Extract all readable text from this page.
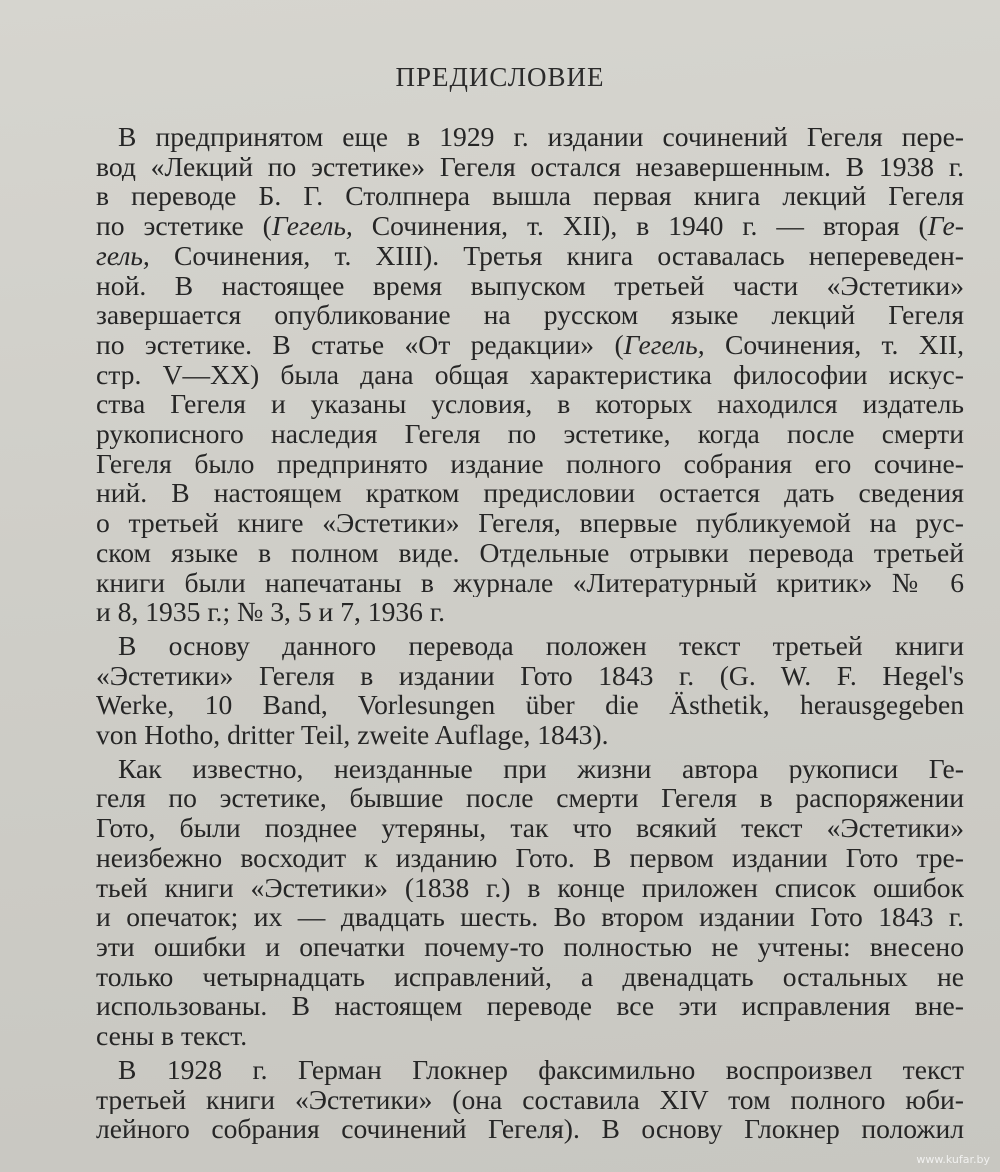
ПРЕДИСЛОВИЕ

В предпринятом еще в 1929 г. издании сочинений Гегеля пере-
вод «Лекций по эстетике» Гегеля остался незавершенным. В 1938 г.
в переводе Б. Г. Столпнера вышла первая книга лекций Гегеля
по эстетике (Гегель, Сочинения, т. XII), в 1940 г. — вторая (Ге-
гель, Сочинения, т. XIII). Третья книга оставалась непереведен-
ной. В настоящее время выпуском третьей части «Эстетики»
завершается опубликование на русском языке лекций Гегеля
по эстетике. В статье «От редакции» (Гегель, Сочинения, т. XII,
стр. V—XX) была дана общая характеристика философии искус-
ства Гегеля и указаны условия, в которых находился издатель
рукописного наследия Гегеля по эстетике, когда после смерти
Гегеля было предпринято издание полного собрания его сочине-
ний. В настоящем кратком предисловии остается дать сведения
о третьей книге «Эстетики» Гегеля, впервые публикуемой на рус-
ском языке в полном виде. Отдельные отрывки перевода третьей
книги были напечатаны в журнале «Литературный критик» № 6
и 8, 1935 г.; № 3, 5 и 7, 1936 г.

В основу данного перевода положен текст третьей книги
«Эстетики» Гегеля в издании Гото 1843 г. (G. W. F. Hegel's
Werke, 10 Band, Vorlesungen über die Ästhetik, herausgegeben
von Hotho, dritter Teil, zweite Auflage, 1843).

Как известно, неизданные при жизни автора рукописи Ге-
геля по эстетике, бывшие после смерти Гегеля в распоряжении
Гото, были позднее утеряны, так что всякий текст «Эстетики»
неизбежно восходит к изданию Гото. В первом издании Гото тре-
тьей книги «Эстетики» (1838 г.) в конце приложен список ошибок
и опечаток; их — двадцать шесть. Во втором издании Гото 1843 г.
эти ошибки и опечатки почему-то полностью не учтены: внесено
только четырнадцать исправлений, а двенадцать остальных не
использованы. В настоящем переводе все эти исправления вне-
сены в текст.

В 1928 г. Герман Глокнер факсимильно воспроизвел текст
третьей книги «Эстетики» (она составила XIV том полного юби-
лейного собрания сочинений Гегеля). В основу Глокнер положил

www.kufar.by
